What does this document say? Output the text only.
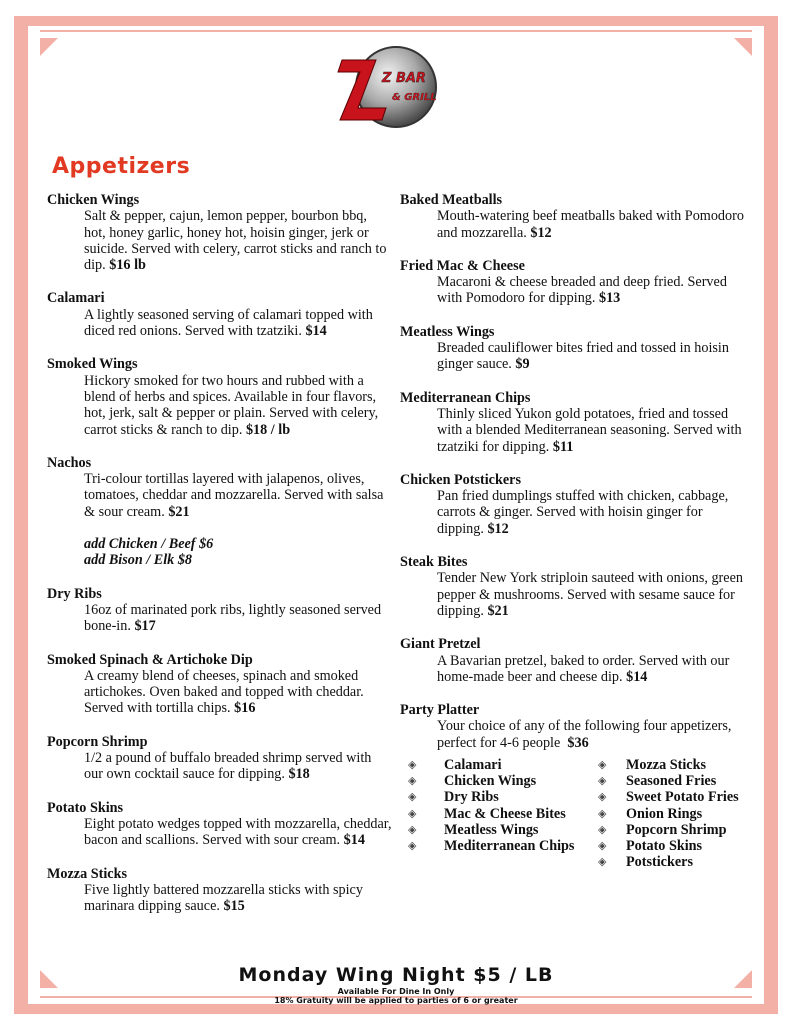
Z BAR
& GRILL
Appetizers
Chicken Wings
Salt & pepper, cajun, lemon pepper, bourbon bbq, hot, honey garlic, honey hot, hoisin ginger, jerk or suicide. Served with celery, carrot sticks and ranch to dip. $16 lb
Calamari
A lightly seasoned serving of calamari topped with diced red onions. Served with tzatziki. $14
Smoked Wings
Hickory smoked for two hours and rubbed with a blend of herbs and spices. Available in four flavors, hot, jerk, salt & pepper or plain. Served with celery, carrot sticks & ranch to dip. $18 / lb
Nachos
Tri-colour tortillas layered with jalapenos, olives, tomatoes, cheddar and mozzarella. Served with salsa & sour cream. $21
add Chicken / Beef $6
add Bison / Elk $8
Dry Ribs
16oz of marinated pork ribs, lightly seasoned served bone-in. $17
Smoked Spinach & Artichoke Dip
A creamy blend of cheeses, spinach and smoked artichokes. Oven baked and topped with cheddar. Served with tortilla chips. $16
Popcorn Shrimp
1/2 a pound of buffalo breaded shrimp served with our own cocktail sauce for dipping. $18
Potato Skins
Eight potato wedges topped with mozzarella, cheddar, bacon and scallions. Served with sour cream. $14
Mozza Sticks
Five lightly battered mozzarella sticks with spicy marinara dipping sauce. $15
Baked Meatballs
Mouth-watering beef meatballs baked with Pomodoro and mozzarella. $12
Fried Mac & Cheese
Macaroni & cheese breaded and deep fried. Served with Pomodoro for dipping. $13
Meatless Wings
Breaded cauliflower bites fried and tossed in hoisin ginger sauce. $9
Mediterranean Chips
Thinly sliced Yukon gold potatoes, fried and tossed with a blended Mediterranean seasoning. Served with tzatziki for dipping. $11
Chicken Potstickers
Pan fried dumplings stuffed with chicken, cabbage, carrots & ginger. Served with hoisin ginger for dipping. $12
Steak Bites
Tender New York striploin sauteed with onions, green pepper & mushrooms. Served with sesame sauce for dipping. $21
Giant Pretzel
A Bavarian pretzel, baked to order. Served with our home-made beer and cheese dip. $14
Party Platter
Your choice of any of the following four appetizers, perfect for 4-6 people $36
◈	Calamari
◈	Chicken Wings
◈	Dry Ribs
◈	Mac & Cheese Bites
◈	Meatless Wings
◈	Mediterranean Chips
◈	Mozza Sticks
◈	Seasoned Fries
◈	Sweet Potato Fries
◈	Onion Rings
◈	Popcorn Shrimp
◈	Potato Skins
◈	Potstickers
Monday Wing Night $5 / LB
Available For Dine In Only
18% Gratuity will be applied to parties of 6 or greater
